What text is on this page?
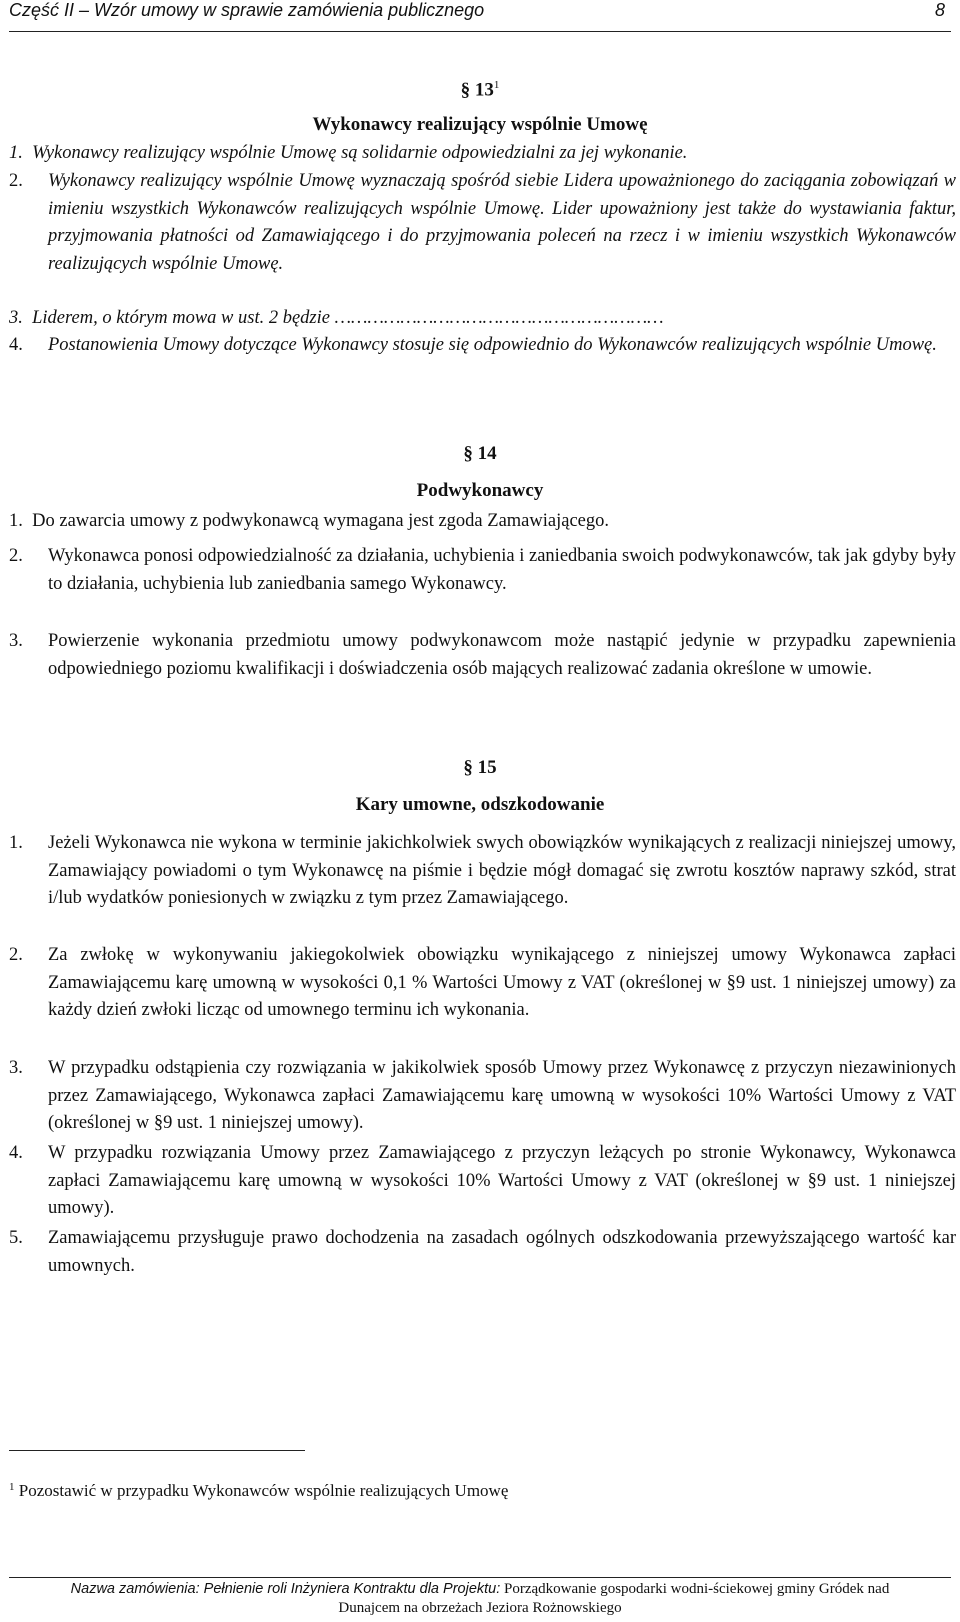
Część II – Wzór umowy w sprawie zamówienia publicznego	8
§ $13^1$
Wykonawcy realizujący wspólnie Umowę
1. Wykonawcy realizujący wspólnie Umowę są solidarnie odpowiedzialni za jej wykonanie.
2. Wykonawcy realizujący wspólnie Umowę wyznaczają spośród siebie Lidera upoważnionego do zaciągania zobowiązań w imieniu wszystkich Wykonawców realizujących wspólnie Umowę. Lider upoważniony jest także do wystawiania faktur, przyjmowania płatności od Zamawiającego i do przyjmowania poleceń na rzecz i w imieniu wszystkich Wykonawców realizujących wspólnie Umowę.
3. Liderem, o którym mowa w ust. 2 będzie ……………………………………………………
4. Postanowienia Umowy dotyczące Wykonawcy stosuje się odpowiednio do Wykonawców realizujących wspólnie Umowę.
§ 14
Podwykonawcy
1. Do zawarcia umowy z podwykonawcą wymagana jest zgoda Zamawiającego.
2. Wykonawca ponosi odpowiedzialność za działania, uchybienia i zaniedbania swoich podwykonawców, tak jak gdyby były to działania, uchybienia lub zaniedbania samego Wykonawcy.
3. Powierzenie wykonania przedmiotu umowy podwykonawcom może nastąpić jedynie w przypadku zapewnienia odpowiedniego poziomu kwalifikacji i doświadczenia osób mających realizować zadania określone w umowie.
§ 15
Kary umowne, odszkodowanie
1. Jeżeli Wykonawca nie wykona w terminie jakichkolwiek swych obowiązków wynikających z realizacji niniejszej umowy, Zamawiający powiadomi o tym Wykonawcę na piśmie i będzie mógł domagać się zwrotu kosztów naprawy szkód, strat i/lub wydatków poniesionych w związku z tym przez Zamawiającego.
2. Za zwłokę w wykonywaniu jakiegokolwiek obowiązku wynikającego z niniejszej umowy Wykonawca zapłaci Zamawiającemu karę umowną w wysokości 0,1 % Wartości Umowy z VAT (określonej w §9 ust. 1 niniejszej umowy) za każdy dzień zwłoki licząc od umownego terminu ich wykonania.
3. W przypadku odstąpienia czy rozwiązania w jakikolwiek sposób Umowy przez Wykonawcę z przyczyn niezawinionych przez Zamawiającego, Wykonawca zapłaci Zamawiającemu karę umowną w wysokości 10% Wartości Umowy z VAT (określonej w §9 ust. 1 niniejszej umowy).
4. W przypadku rozwiązania Umowy przez Zamawiającego z przyczyn leżących po stronie Wykonawcy, Wykonawca zapłaci Zamawiającemu karę umowną w wysokości 10% Wartości Umowy z VAT (określonej w §9 ust. 1 niniejszej umowy).
5. Zamawiającemu przysługuje prawo dochodzenia na zasadach ogólnych odszkodowania przewyższającego wartość kar umownych.
$^1$ Pozostawić w przypadku Wykonawców wspólnie realizujących Umowę
Nazwa zamówienia: Pełnienie roli Inżyniera Kontraktu dla Projektu: Porządkowanie gospodarki wodni-ściekowej gminy Gródek nad
Dunajcem na obrzeżach Jeziora Rożnowskiego
